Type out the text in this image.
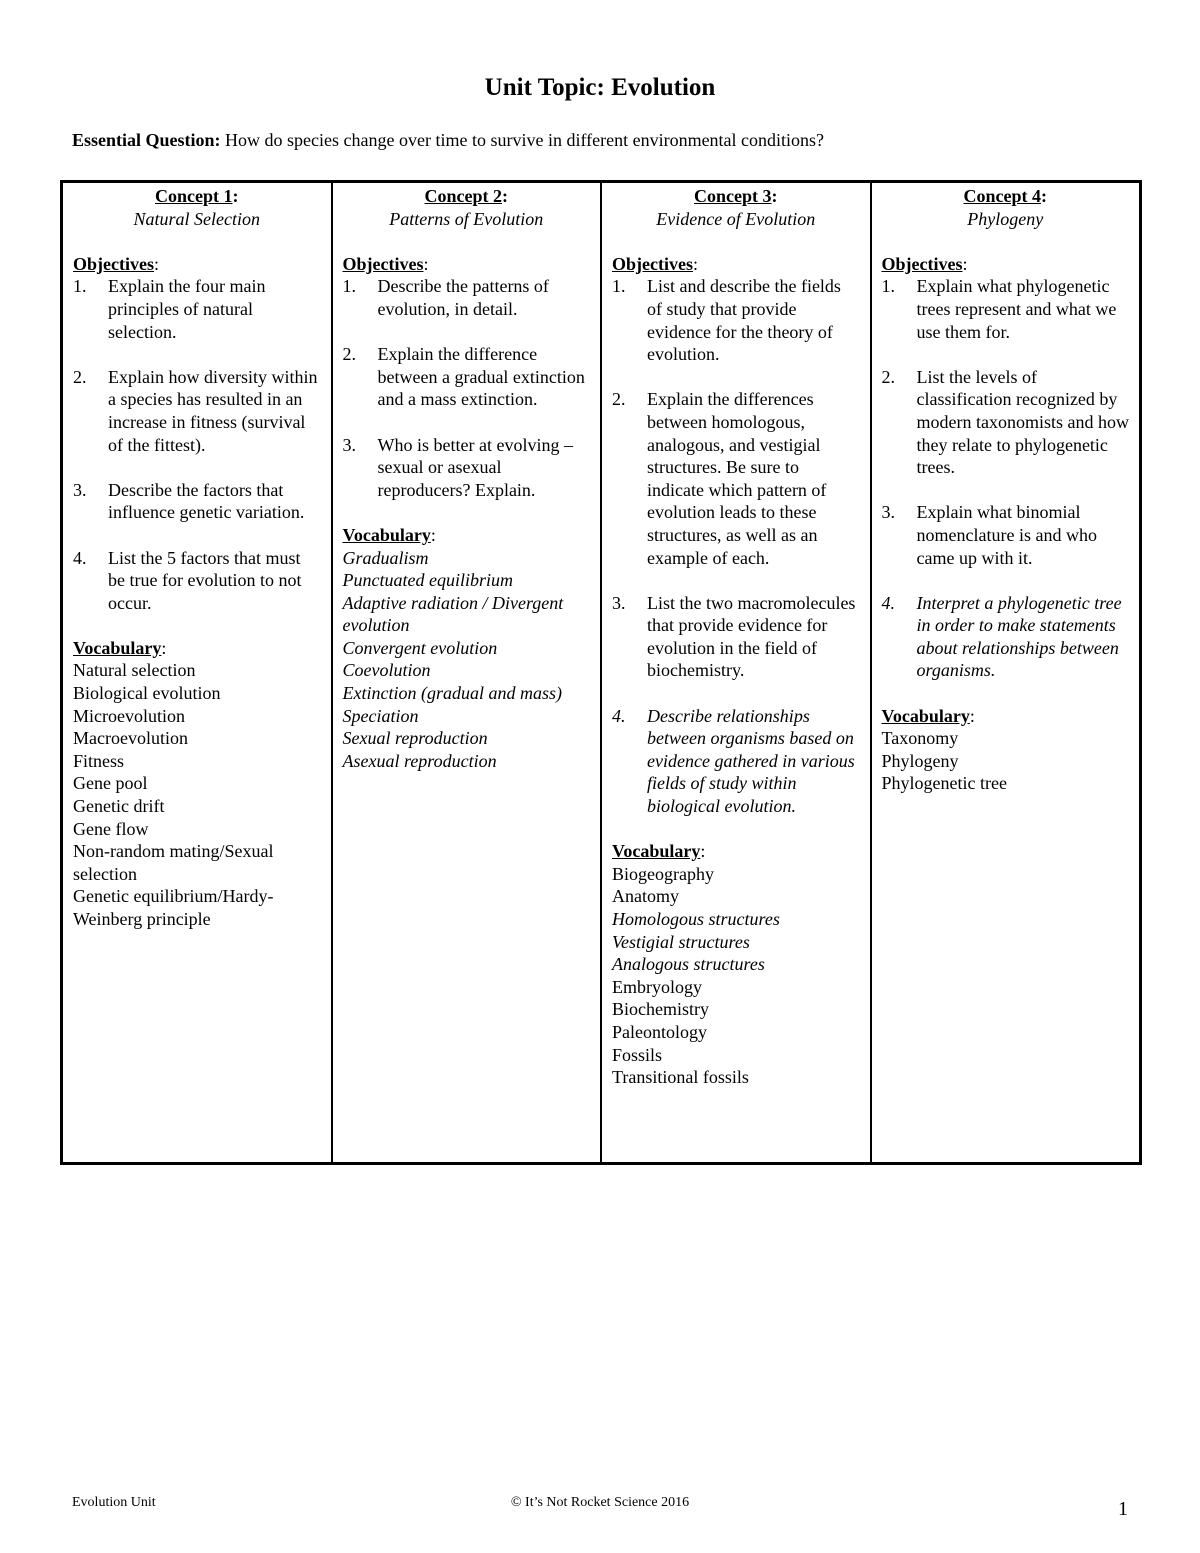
Unit Topic: Evolution

Essential Question: How do species change over time to survive in different environmental conditions?

Concept 1:
Natural Selection
Objectives:
1. Explain the four main principles of natural selection.
2. Explain how diversity within a species has resulted in an increase in fitness (survival of the fittest).
3. Describe the factors that influence genetic variation.
4. List the 5 factors that must be true for evolution to not occur.
Vocabulary:
Natural selection
Biological evolution
Microevolution
Macroevolution
Fitness
Gene pool
Genetic drift
Gene flow
Non-random mating/Sexual selection
Genetic equilibrium/Hardy-Weinberg principle
Concept 2:
Patterns of Evolution
Objectives:
1. Describe the patterns of evolution, in detail.
2. Explain the difference between a gradual extinction and a mass extinction.
3. Who is better at evolving – sexual or asexual reproducers? Explain.
Vocabulary:
Gradualism
Punctuated equilibrium
Adaptive radiation / Divergent evolution
Convergent evolution
Coevolution
Extinction (gradual and mass)
Speciation
Sexual reproduction
Asexual reproduction
Concept 3:
Evidence of Evolution
Objectives:
1. List and describe the fields of study that provide evidence for the theory of evolution.
2. Explain the differences between homologous, analogous, and vestigial structures. Be sure to indicate which pattern of evolution leads to these structures, as well as an example of each.
3. List the two macromolecules that provide evidence for evolution in the field of biochemistry.
4. Describe relationships between organisms based on evidence gathered in various fields of study within biological evolution.
Vocabulary:
Biogeography
Anatomy
Homologous structures
Vestigial structures
Analogous structures
Embryology
Biochemistry
Paleontology
Fossils
Transitional fossils
Concept 4:
Phylogeny
Objectives:
1. Explain what phylogenetic trees represent and what we use them for.
2. List the levels of classification recognized by modern taxonomists and how they relate to phylogenetic trees.
3. Explain what binomial nomenclature is and who came up with it.
4. Interpret a phylogenetic tree in order to make statements about relationships between organisms.
Vocabulary:
Taxonomy
Phylogeny
Phylogenetic tree
Evolution Unit	© It’s Not Rocket Science 2016	1
